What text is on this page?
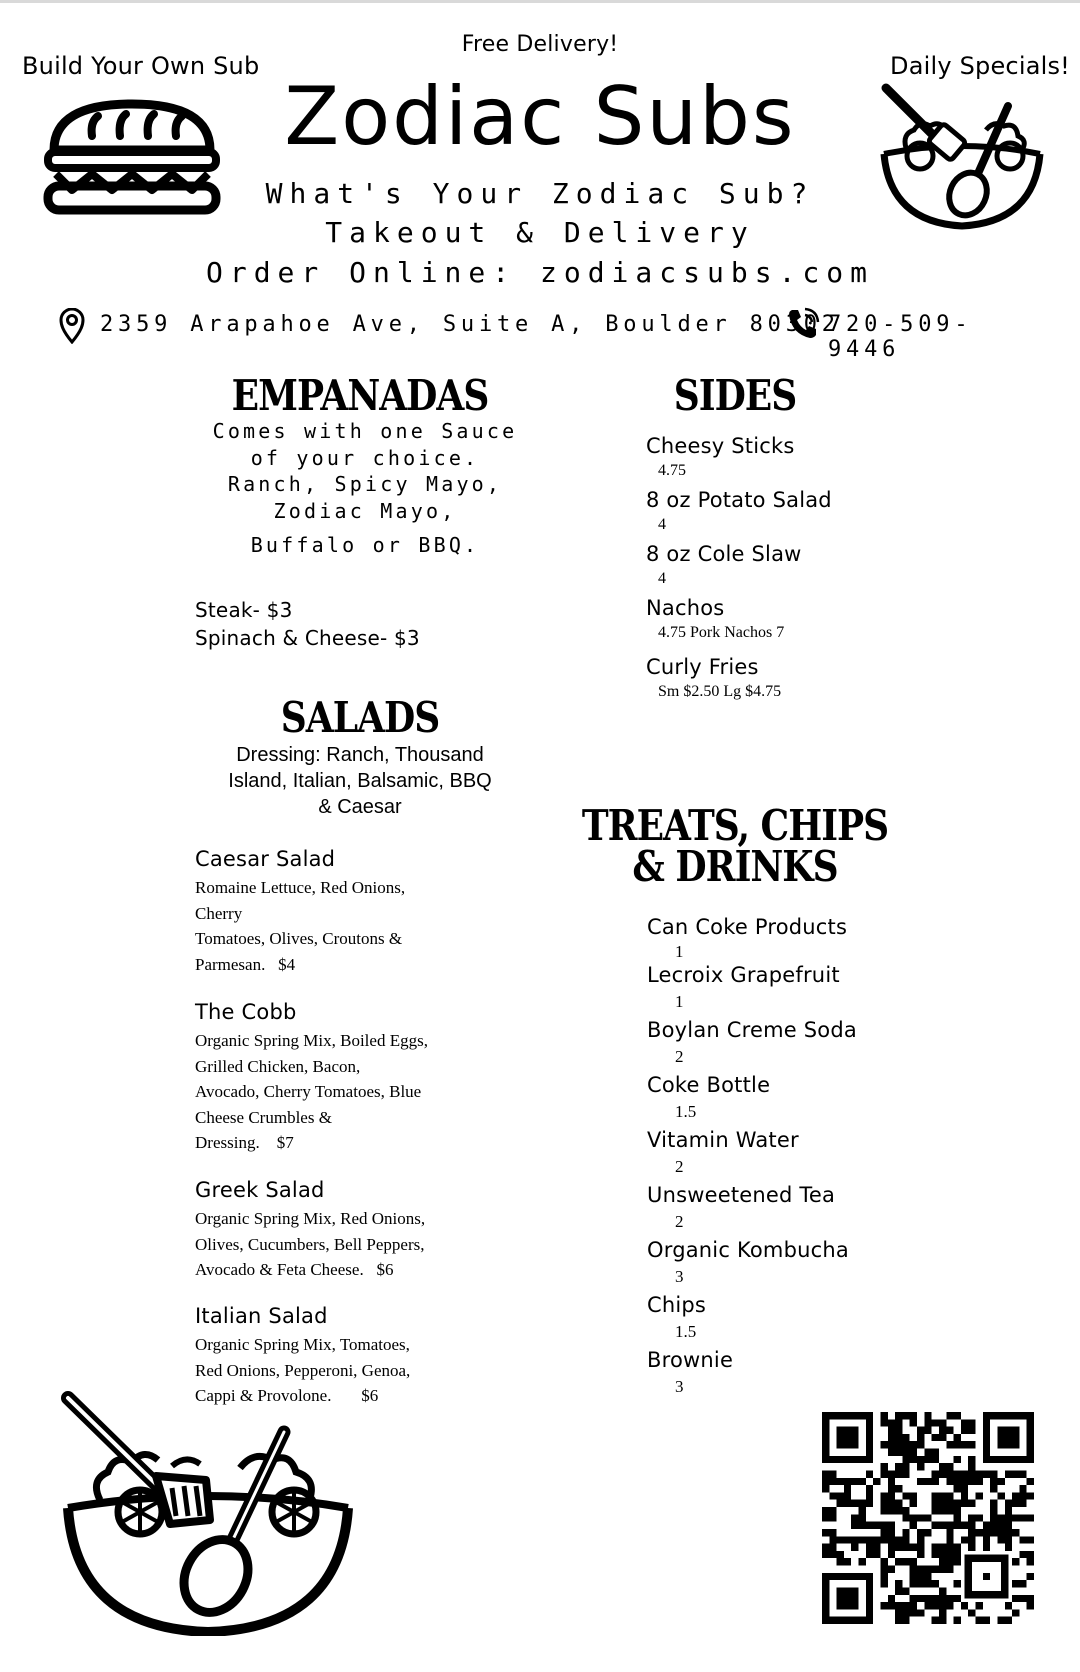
Build Your Own Sub
Free Delivery!
Zodiac Subs
Daily Specials!
What's Your Zodiac Sub?
Takeout & Delivery
Order Online: zodiacsubs.com
2359 Arapahoe Ave, Suite A, Boulder 80302
720-509-9446
EMPANADAS
Comes with one Sauce
of your choice.
Ranch, Spicy Mayo,
Zodiac Mayo,
Buffalo or BBQ.
Steak- $3
Spinach & Cheese- $3
SALADS
Dressing: Ranch, Thousand
Island, Italian, Balsamic, BBQ
& Caesar
Caesar Salad
Romaine Lettuce, Red Onions,
Cherry
Tomatoes, Olives, Croutons &
Parmesan.   $4
The Cobb
Organic Spring Mix, Boiled Eggs,
Grilled Chicken, Bacon,
Avocado, Cherry Tomatoes, Blue
Cheese Crumbles &
Dressing.    $7
Greek Salad
Organic Spring Mix, Red Onions,
Olives, Cucumbers, Bell Peppers,
Avocado & Feta Cheese.   $6
Italian Salad
Organic Spring Mix, Tomatoes,
Red Onions, Pepperoni, Genoa,
Cappi & Provolone.       $6
SIDES
Cheesy Sticks
4.75
8 oz Potato Salad
4
8 oz Cole Slaw
4
Nachos
4.75 Pork Nachos 7
Curly Fries
Sm $2.50 Lg $4.75
TREATS, CHIPS
& DRINKS
Can Coke Products
1
Lecroix Grapefruit
1
Boylan Creme Soda
2
Coke Bottle
1.5
Vitamin Water
2
Unsweetened Tea
2
Organic Kombucha
3
Chips
1.5
Brownie
3
